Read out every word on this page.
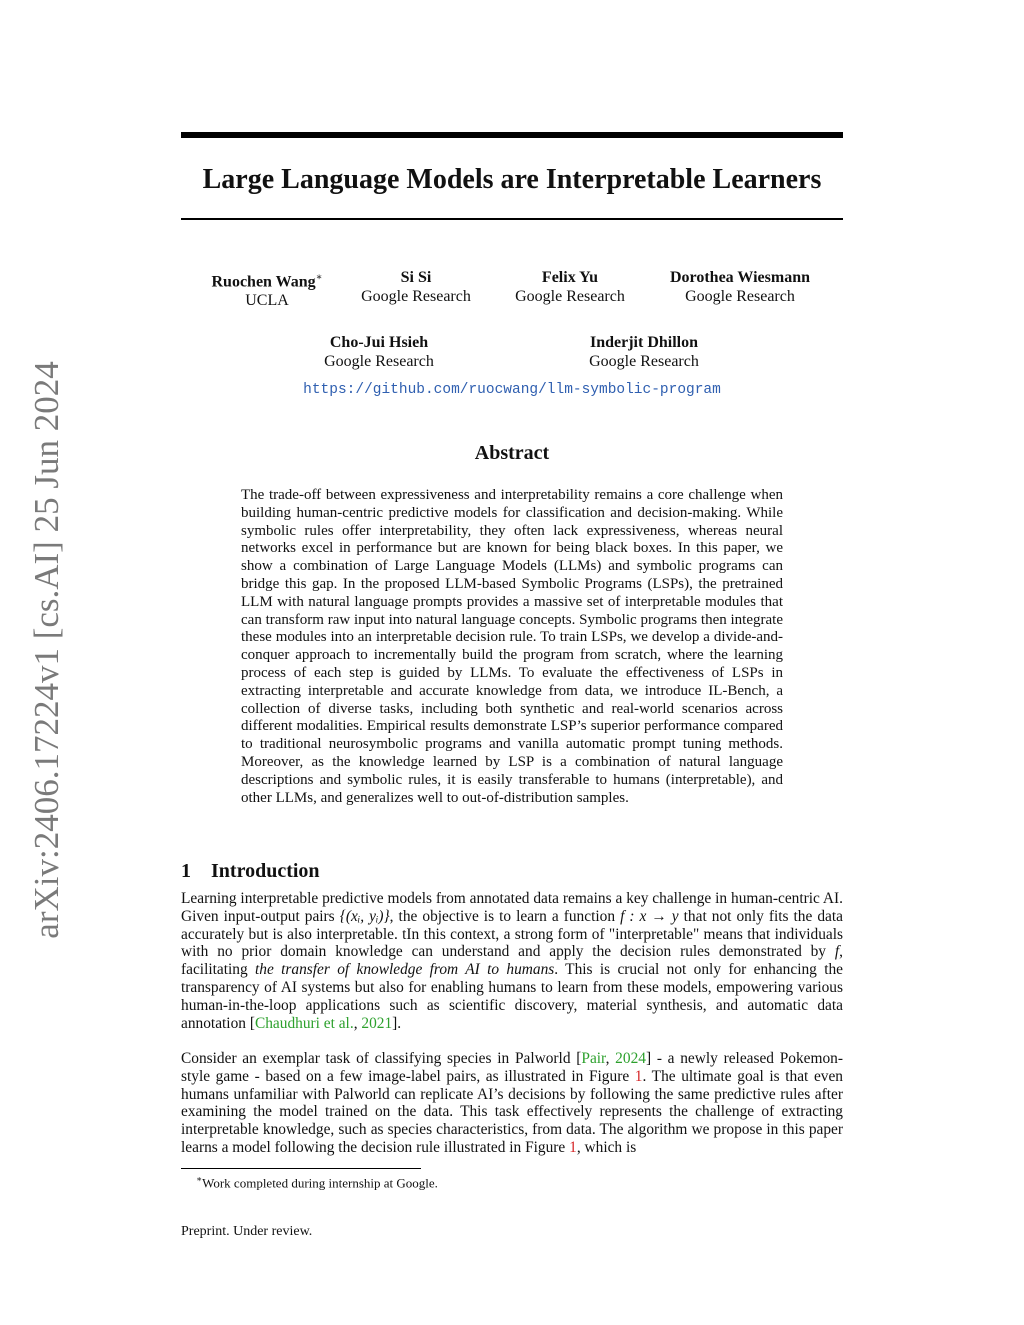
arXiv:2406.17224v1 [cs.AI] 25 Jun 2024
Large Language Models are Interpretable Learners
Ruochen Wang∗
UCLA
Si Si
Google Research
Felix Yu
Google Research
Dorothea Wiesmann
Google Research
Cho-Jui Hsieh
Google Research
Inderjit Dhillon
Google Research
https://github.com/ruocwang/llm-symbolic-program
Abstract

The trade-off between expressiveness and interpretability remains a core challenge when building human-centric predictive models for classification and decision-making. While symbolic rules offer interpretability, they often lack expressiveness, whereas neural networks excel in performance but are known for being black boxes. In this paper, we show a combination of Large Language Models (LLMs) and symbolic programs can bridge this gap. In the proposed LLM-based Symbolic Programs (LSPs), the pretrained LLM with natural language prompts provides a massive set of interpretable modules that can transform raw input into natural language concepts. Symbolic programs then integrate these modules into an interpretable decision rule. To train LSPs, we develop a divide-and-conquer approach to incrementally build the program from scratch, where the learning process of each step is guided by LLMs. To evaluate the effectiveness of LSPs in extracting interpretable and accurate knowledge from data, we introduce IL-Bench, a collection of diverse tasks, including both synthetic and real-world scenarios across different modalities. Empirical results demonstrate LSP’s superior performance compared to traditional neurosymbolic programs and vanilla automatic prompt tuning methods. Moreover, as the knowledge learned by LSP is a combination of natural language descriptions and symbolic rules, it is easily transferable to humans (interpretable), and other LLMs, and generalizes well to out-of-distribution samples.

1 Introduction

Learning interpretable predictive models from annotated data remains a key challenge in human-centric AI. Given input-output pairs {(xᵢ, yᵢ)}, the objective is to learn a function f : x → y that not only fits the data accurately but is also interpretable. tIn this context, a strong form of "interpretable" means that individuals with no prior domain knowledge can understand and apply the decision rules demonstrated by f, facilitating the transfer of knowledge from AI to humans. This is crucial not only for enhancing the transparency of AI systems but also for enabling humans to learn from these models, empowering various human-in-the-loop applications such as scientific discovery, material synthesis, and automatic data annotation [Chaudhuri et al., 2021].

Consider an exemplar task of classifying species in Palworld [Pair, 2024] - a newly released Pokemon-style game - based on a few image-label pairs, as illustrated in Figure 1. The ultimate goal is that even humans unfamiliar with Palworld can replicate AI’s decisions by following the same predictive rules after examining the model trained on the data. This task effectively represents the challenge of extracting interpretable knowledge, such as species characteristics, from data. The algorithm we propose in this paper learns a model following the decision rule illustrated in Figure 1, which is

∗Work completed during internship at Google.

Preprint. Under review.
